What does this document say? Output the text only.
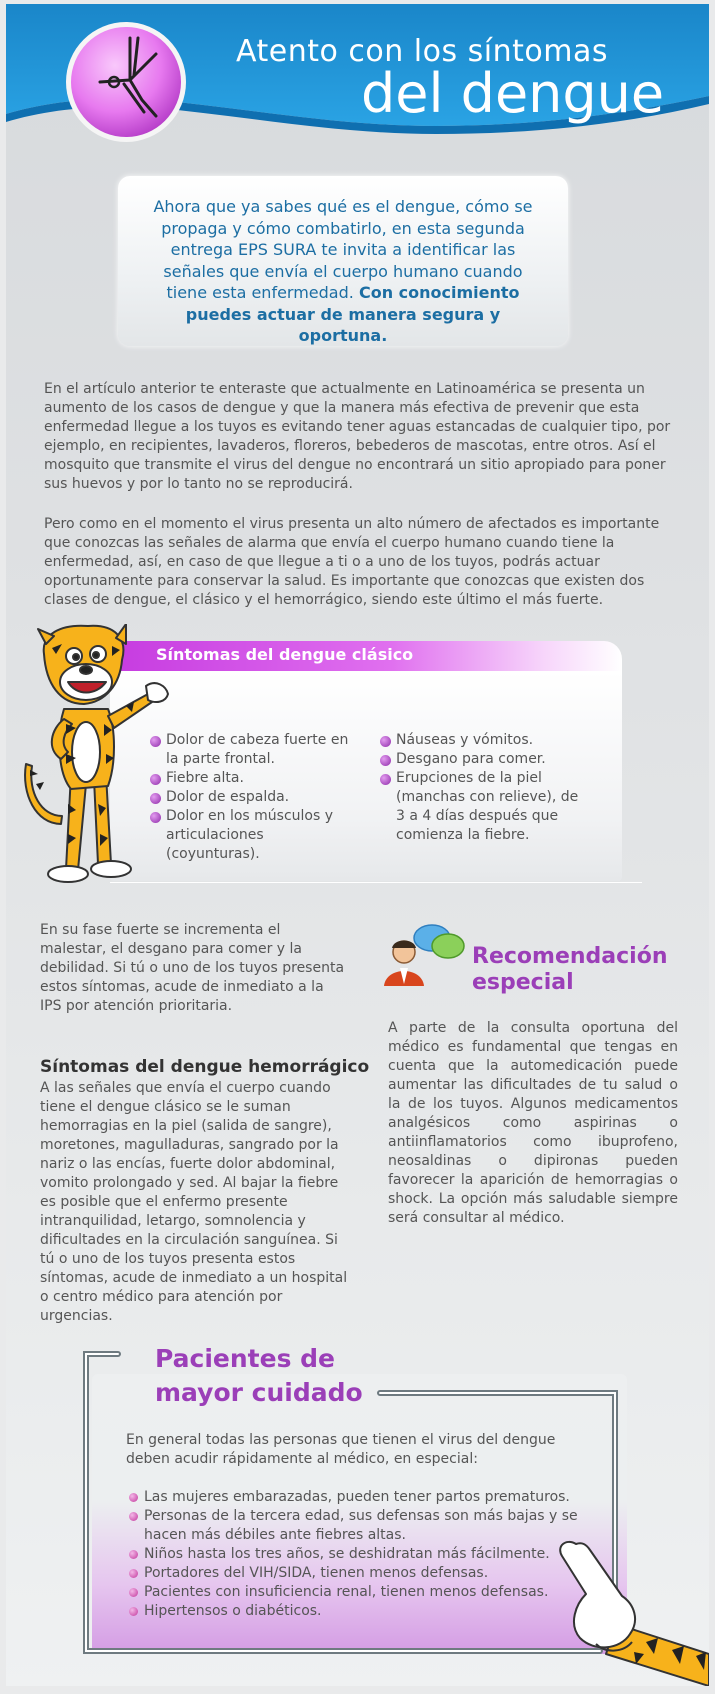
Atento con los síntomas
del dengue

Ahora que ya sabes qué es el dengue, cómo se propaga y cómo combatirlo, en esta segunda entrega EPS SURA te invita a identificar las señales que envía el cuerpo humano cuando tiene esta enfermedad. Con conocimiento puedes actuar de manera segura y oportuna.

En el artículo anterior te enteraste que actualmente en Latinoamérica se presenta un aumento de los casos de dengue y que la manera más efectiva de prevenir que esta enfermedad llegue a los tuyos es evitando tener aguas estancadas de cualquier tipo, por ejemplo, en recipientes, lavaderos, floreros, bebederos de mascotas, entre otros. Así el mosquito que transmite el virus del dengue no encontrará un sitio apropiado para poner sus huevos y por lo tanto no se reproducirá.

Pero como en el momento el virus presenta un alto número de afectados es importante que conozcas las señales de alarma que envía el cuerpo humano cuando tiene la enfermedad, así, en caso de que llegue a ti o a uno de los tuyos, podrás actuar oportunamente para conservar la salud. Es importante que conozcas que existen dos clases de dengue, el clásico y el hemorrágico, siendo este último el más fuerte.

Síntomas del dengue clásico
Dolor de cabeza fuerte en la parte frontal.
Fiebre alta.
Dolor de espalda.
Dolor en los músculos y articulaciones (coyunturas).
Náuseas y vómitos.
Desgano para comer.
Erupciones de la piel (manchas con relieve), de 3 a 4 días después que comienza la fiebre.

En su fase fuerte se incrementa el malestar, el desgano para comer y la debilidad. Si tú o uno de los tuyos presenta estos síntomas, acude de inmediato a la IPS por atención prioritaria.

Síntomas del dengue hemorrágico

A las señales que envía el cuerpo cuando tiene el dengue clásico se le suman hemorragias en la piel (salida de sangre), moretones, magulladuras, sangrado por la nariz o las encías, fuerte dolor abdominal, vomito prolongado y sed. Al bajar la fiebre es posible que el enfermo presente intranquilidad, letargo, somnolencia y dificultades en la circulación sanguínea. Si tú o uno de los tuyos presenta estos síntomas, acude de inmediato a un hospital o centro médico para atención por urgencias.

Recomendación
especial

A parte de la consulta oportuna del médico es fundamental que tengas en cuenta que la automedicación puede aumentar las dificultades de tu salud o la de los tuyos. Algunos medicamentos analgésicos como aspirinas o antiinflamatorios como ibuprofeno, neosaldinas o dipironas pueden favorecer la aparición de hemorragias o shock. La opción más saludable siempre será consultar al médico.

Pacientes de
mayor cuidado

En general todas las personas que tienen el virus del dengue deben acudir rápidamente al médico, en especial:

Las mujeres embarazadas, pueden tener partos prematuros.
Personas de la tercera edad, sus defensas son más bajas y se hacen más débiles ante fiebres altas.
Niños hasta los tres años, se deshidratan más fácilmente.
Portadores del VIH/SIDA, tienen menos defensas.
Pacientes con insuficiencia renal, tienen menos defensas.
Hipertensos o diabéticos.
